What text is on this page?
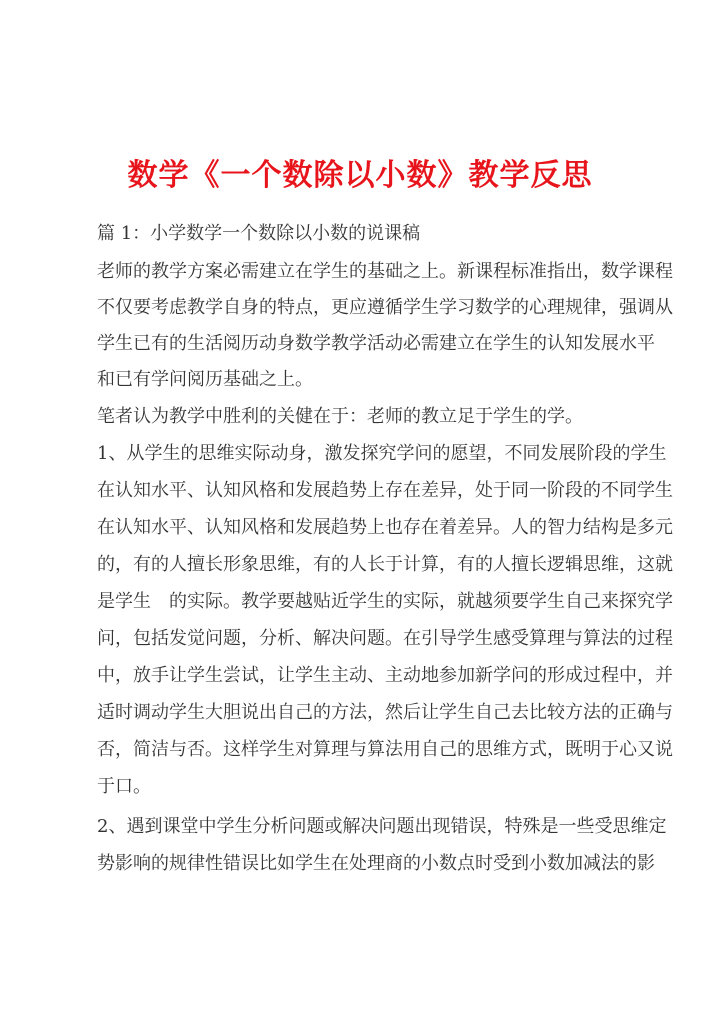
数学《一个数除以小数》教学反思
篇 1：小学数学一个数除以小数的说课稿
老师的教学方案必需建立在学生的基础之上。新课程标准指出，数学课程
不仅要考虑教学自身的特点，更应遵循学生学习数学的心理规律，强调从
学生已有的生活阅历动身数学教学活动必需建立在学生的认知发展水平
和已有学问阅历基础之上。
笔者认为教学中胜利的关健在于：老师的教立足于学生的学。
1、从学生的思维实际动身，激发探究学问的愿望，不同发展阶段的学生
在认知水平、认知风格和发展趋势上存在差异，处于同一阶段的不同学生
在认知水平、认知风格和发展趋势上也存在着差异。人的智力结构是多元
的，有的人擅长形象思维，有的人长于计算，有的人擅长逻辑思维，这就
是学生　的实际。教学要越贴近学生的实际，就越须要学生自己来探究学
问，包括发觉问题，分析、解决问题。在引导学生感受算理与算法的过程
中，放手让学生尝试，让学生主动、主动地参加新学问的形成过程中，并
适时调动学生大胆说出自己的方法，然后让学生自己去比较方法的正确与
否，简洁与否。这样学生对算理与算法用自己的思维方式，既明于心又说
于口。
2、遇到课堂中学生分析问题或解决问题出现错误，特殊是一些受思维定
势影响的规律性错误比如学生在处理商的小数点时受到小数加减法的影
